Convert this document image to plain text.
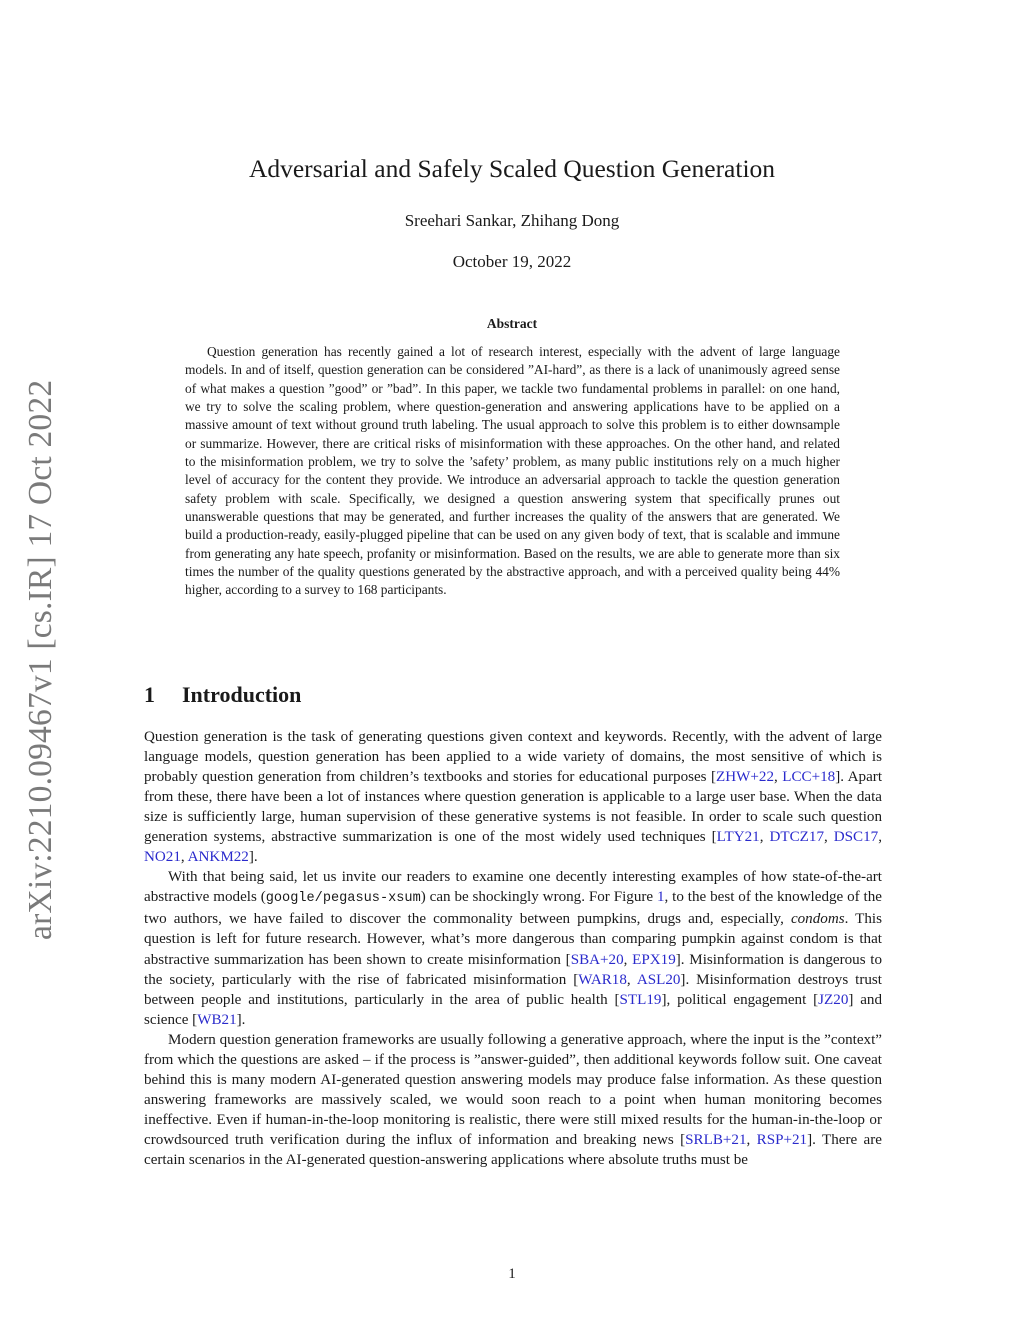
arXiv:2210.09467v1 [cs.IR] 17 Oct 2022
Adversarial and Safely Scaled Question Generation
Sreehari Sankar, Zhihang Dong
October 19, 2022
Abstract
Question generation has recently gained a lot of research interest, especially with the advent of large language models. In and of itself, question generation can be considered ”AI-hard”, as there is a lack of unanimously agreed sense of what makes a question ”good” or ”bad”. In this paper, we tackle two fundamental problems in parallel: on one hand, we try to solve the scaling problem, where question-generation and answering applications have to be applied on a massive amount of text without ground truth labeling. The usual approach to solve this problem is to either downsample or summarize. However, there are critical risks of misinformation with these approaches. On the other hand, and related to the misinformation problem, we try to solve the ’safety’ problem, as many public institutions rely on a much higher level of accuracy for the content they provide. We introduce an adversarial approach to tackle the question generation safety problem with scale. Specifically, we designed a question answering system that specifically prunes out unanswerable questions that may be generated, and further increases the quality of the answers that are generated. We build a production-ready, easily-plugged pipeline that can be used on any given body of text, that is scalable and immune from generating any hate speech, profanity or misinformation. Based on the results, we are able to generate more than six times the number of the quality questions generated by the abstractive approach, and with a perceived quality being 44% higher, according to a survey to 168 participants.
1 Introduction

Question generation is the task of generating questions given context and keywords. Recently, with the advent of large language models, question generation has been applied to a wide variety of domains, the most sensitive of which is probably question generation from children’s textbooks and stories for educational purposes [ZHW+22, LCC+18]. Apart from these, there have been a lot of instances where question generation is applicable to a large user base. When the data size is sufficiently large, human supervision of these generative systems is not feasible. In order to scale such question generation systems, abstractive summarization is one of the most widely used techniques [LTY21, DTCZ17, DSC17, NO21, ANKM22].

With that being said, let us invite our readers to examine one decently interesting examples of how state-of-the-art abstractive models (google/pegasus-xsum) can be shockingly wrong. For Figure 1, to the best of the knowledge of the two authors, we have failed to discover the commonality between pumpkins, drugs and, especially, condoms. This question is left for future research. However, what’s more dangerous than comparing pumpkin against condom is that abstractive summarization has been shown to create misinformation [SBA+20, EPX19]. Misinformation is dangerous to the society, particularly with the rise of fabricated misinformation [WAR18, ASL20]. Misinformation destroys trust between people and institutions, particularly in the area of public health [STL19], political engagement [JZ20] and science [WB21].

Modern question generation frameworks are usually following a generative approach, where the input is the ”context” from which the questions are asked – if the process is ”answer-guided”, then additional keywords follow suit. One caveat behind this is many modern AI-generated question answering models may produce false information. As these question answering frameworks are massively scaled, we would soon reach to a point when human monitoring becomes ineffective. Even if human-in-the-loop monitoring is realistic, there were still mixed results for the human-in-the-loop or crowdsourced truth verification during the influx of information and breaking news [SRLB+21, RSP+21]. There are certain scenarios in the AI-generated question-answering applications where absolute truths must be

1
